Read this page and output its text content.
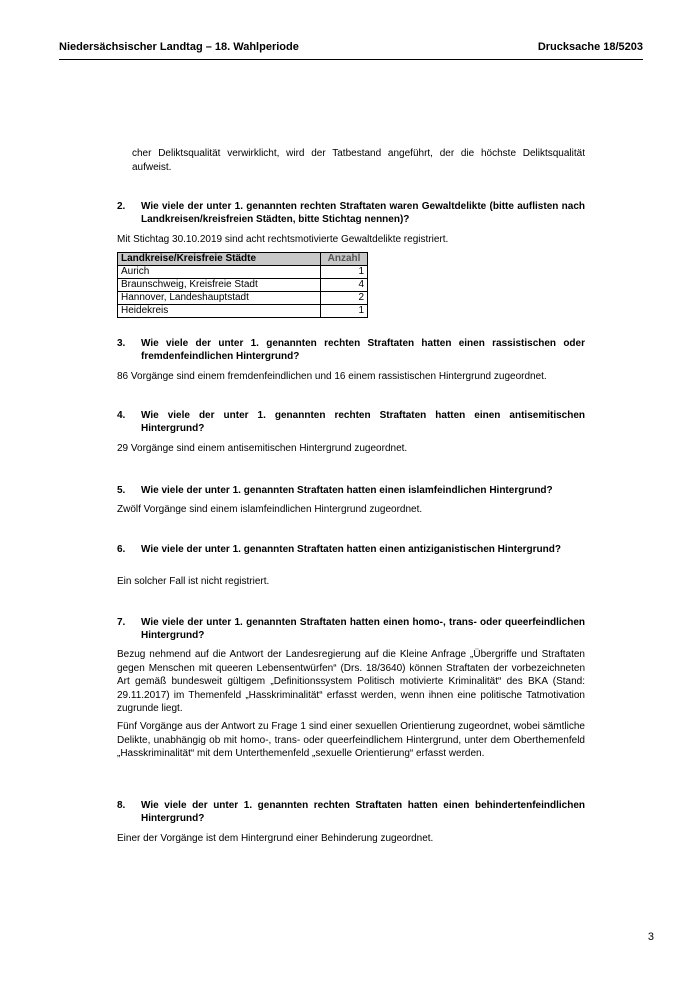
Niedersächsischer Landtag – 18. Wahlperiode	Drucksache 18/5203
cher Deliktsqualität verwirklicht, wird der Tatbestand angeführt, der die höchste Deliktsqualität aufweist.
2. Wie viele der unter 1. genannten rechten Straftaten waren Gewaltdelikte (bitte auflisten nach Landkreisen/kreisfreien Städten, bitte Stichtag nennen)?
Mit Stichtag 30.10.2019 sind acht rechtsmotivierte Gewaltdelikte registriert.
Landkreise/Kreisfreie Städte	Anzahl
Aurich	1
Braunschweig, Kreisfreie Stadt	4
Hannover, Landeshauptstadt	2
Heidekreis	1
3. Wie viele der unter 1. genannten rechten Straftaten hatten einen rassistischen oder fremdenfeindlichen Hintergrund?
86 Vorgänge sind einem fremdenfeindlichen und 16 einem rassistischen Hintergrund zugeordnet.
4. Wie viele der unter 1. genannten rechten Straftaten hatten einen antisemitischen Hintergrund?
29 Vorgänge sind einem antisemitischen Hintergrund zugeordnet.
5. Wie viele der unter 1. genannten Straftaten hatten einen islamfeindlichen Hintergrund?
Zwölf Vorgänge sind einem islamfeindlichen Hintergrund zugeordnet.
6. Wie viele der unter 1. genannten Straftaten hatten einen antiziganistischen Hintergrund?
Ein solcher Fall ist nicht registriert.
7. Wie viele der unter 1. genannten Straftaten hatten einen homo-, trans- oder queerfeindlichen Hintergrund?
Bezug nehmend auf die Antwort der Landesregierung auf die Kleine Anfrage „Übergriffe und Straftaten gegen Menschen mit queeren Lebensentwürfen“ (Drs. 18/3640) können Straftaten der vorbezeichneten Art gemäß bundesweit gültigem „Definitionssystem Politisch motivierte Kriminalität“ des BKA (Stand: 29.11.2017) im Themenfeld „Hasskriminalität“ erfasst werden, wenn ihnen eine politische Tatmotivation zugrunde liegt.
Fünf Vorgänge aus der Antwort zu Frage 1 sind einer sexuellen Orientierung zugeordnet, wobei sämtliche Delikte, unabhängig ob mit homo-, trans- oder queerfeindlichem Hintergrund, unter dem Oberthemenfeld „Hasskriminalität“ mit dem Unterthemenfeld „sexuelle Orientierung“ erfasst werden.
8. Wie viele der unter 1. genannten rechten Straftaten hatten einen behindertenfeindlichen Hintergrund?
Einer der Vorgänge ist dem Hintergrund einer Behinderung zugeordnet.
3
